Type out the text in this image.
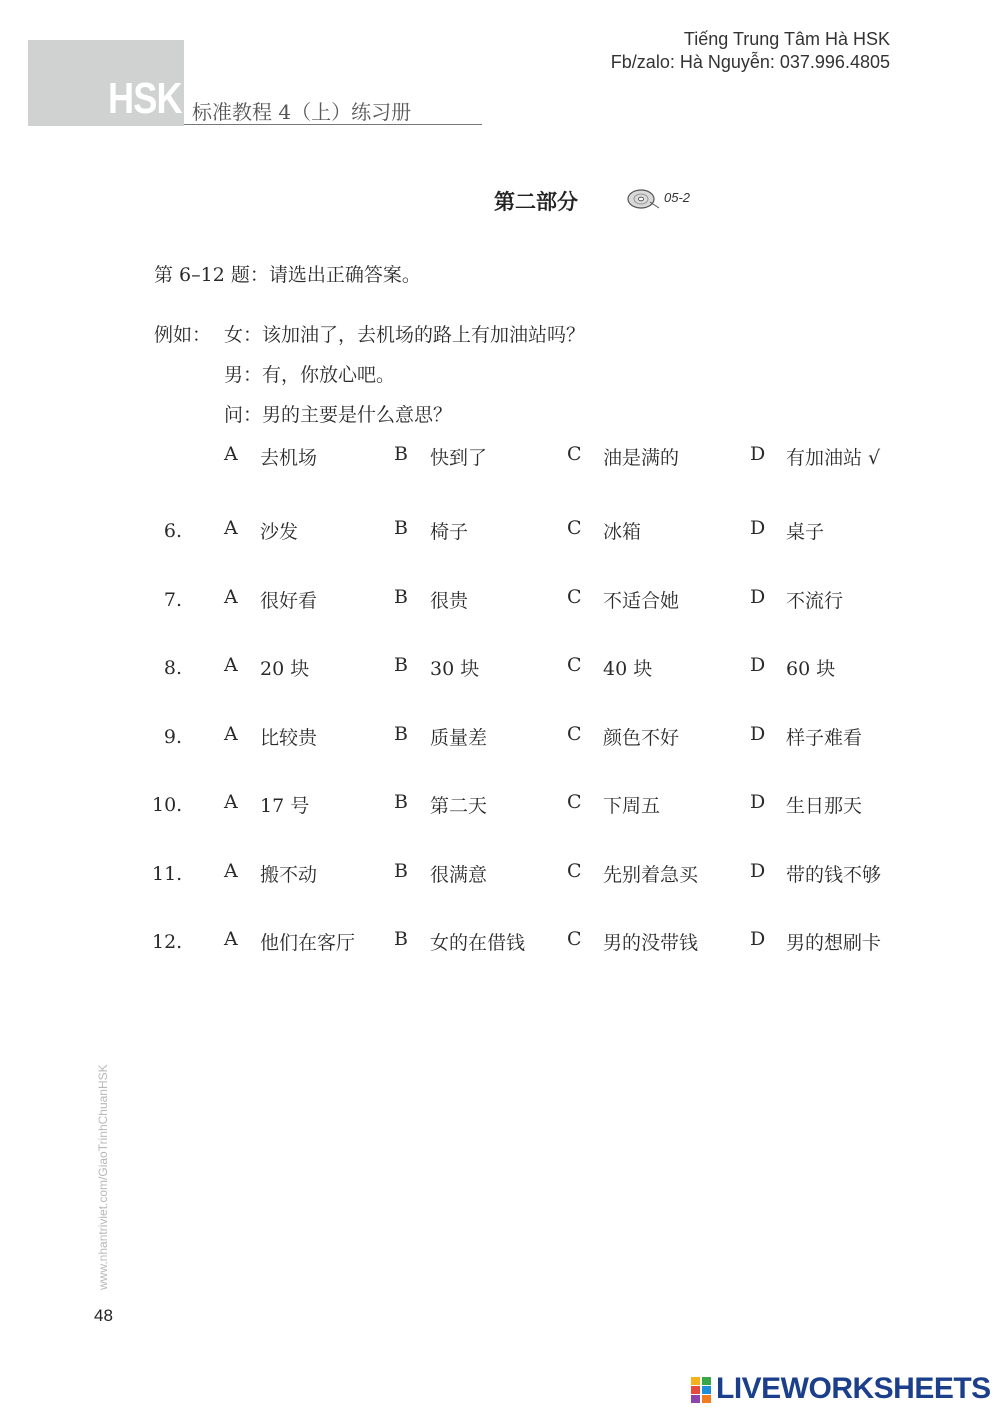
HSK 标准教程 4（上）练习册
Tiếng Trung Tâm Hà HSK
Fb/zalo: Hà Nguyễn: 037.996.4805
第二部分	05-2
第 6–12 题：请选出正确答案。
例如： 女：该加油了，去机场的路上有加油站吗？
男：有，你放心吧。
问：男的主要是什么意思？
A 去机场	B 快到了	C 油是满的	D 有加油站 √
6. A 沙发	B 椅子	C 冰箱	D 桌子
7. A 很好看	B 很贵	C 不适合她	D 不流行
8. A 20 块	B 30 块	C 40 块	D 60 块
9. A 比较贵	B 质量差	C 颜色不好	D 样子难看
10. A 17 号	B 第二天	C 下周五	D 生日那天
11. A 搬不动	B 很满意	C 先别着急买	D 带的钱不够
12. A 他们在客厅 B 女的在借钱 C 男的没带钱	D 男的想刷卡
www.nhantriviet.com/GiaoTrinhChuanHSK
48
LIVEWORKSHEETS
